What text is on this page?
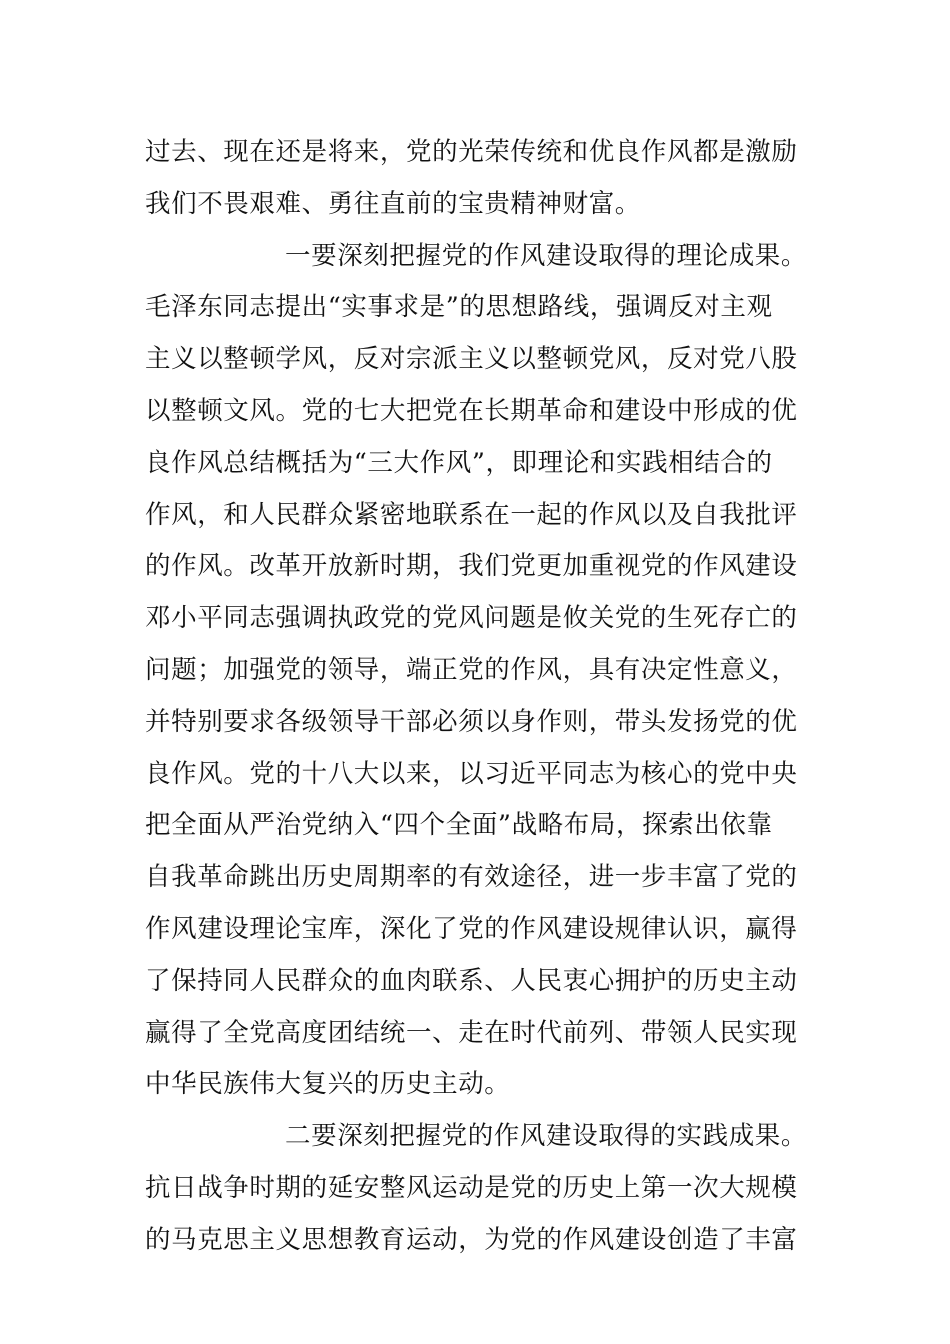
过去、现在还是将来，党的光荣传统和优良作风都是激励
我们不畏艰难、勇往直前的宝贵精神财富。
一要深刻把握党的作风建设取得的理论成果。
毛泽东同志提出“实事求是”的思想路线，强调反对主观
主义以整顿学风，反对宗派主义以整顿党风，反对党八股
以整顿文风。党的七大把党在长期革命和建设中形成的优
良作风总结概括为“三大作风”，即理论和实践相结合的
作风，和人民群众紧密地联系在一起的作风以及自我批评
的作风。改革开放新时期，我们党更加重视党的作风建设
邓小平同志强调执政党的党风问题是攸关党的生死存亡的
问题；加强党的领导，端正党的作风，具有决定性意义，
并特别要求各级领导干部必须以身作则，带头发扬党的优
良作风。党的十八大以来，以习近平同志为核心的党中央
把全面从严治党纳入“四个全面”战略布局，探索出依靠
自我革命跳出历史周期率的有效途径，进一步丰富了党的
作风建设理论宝库，深化了党的作风建设规律认识，赢得
了保持同人民群众的血肉联系、人民衷心拥护的历史主动
赢得了全党高度团结统一、走在时代前列、带领人民实现
中华民族伟大复兴的历史主动。
二要深刻把握党的作风建设取得的实践成果。
抗日战争时期的延安整风运动是党的历史上第一次大规模
的马克思主义思想教育运动，为党的作风建设创造了丰富
